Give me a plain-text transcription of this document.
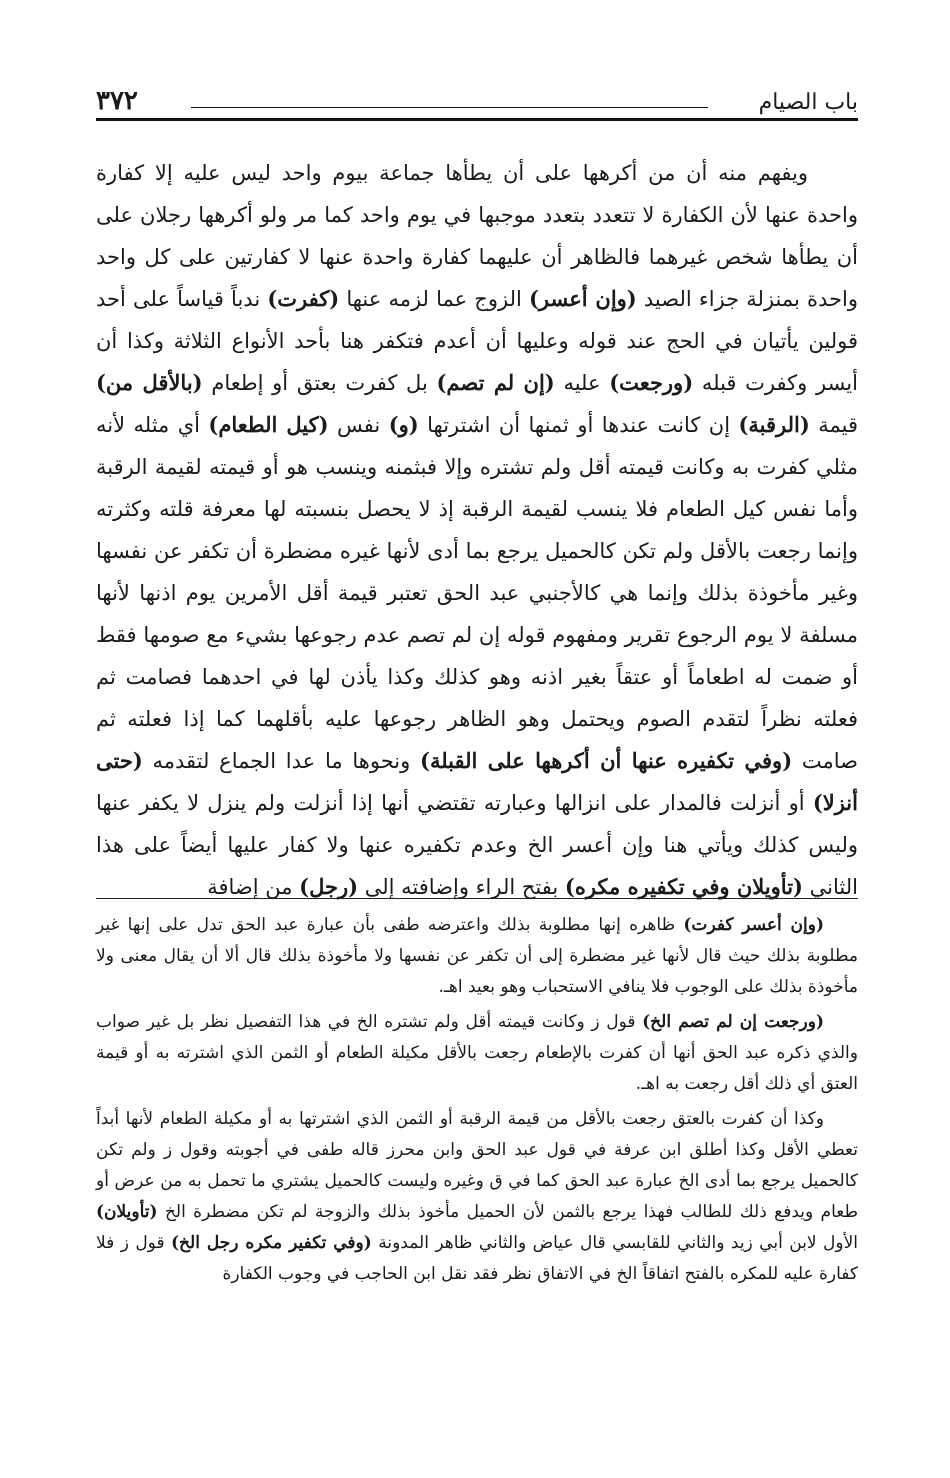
باب الصيام
٣٧٢

ويفهم منه أن من أكرهها على أن يطأها جماعة بيوم واحد ليس عليه إلا كفارة واحدة عنها لأن الكفارة لا تتعدد بتعدد موجبها في يوم واحد كما مر ولو أكرهها رجلان على أن يطأها شخص غيرهما فالظاهر أن عليهما كفارة واحدة عنها لا كفارتين على كل واحد واحدة بمنزلة جزاء الصيد (وإن أعسر) الزوج عما لزمه عنها (كفرت) ندباً قياساً على أحد قولين يأتيان في الحج عند قوله وعليها أن أعدم فتكفر هنا بأحد الأنواع الثلاثة وكذا أن أيسر وكفرت قبله (ورجعت) عليه (إن لم تصم) بل كفرت بعتق أو إطعام (بالأقل من) قيمة (الرقبة) إن كانت عندها أو ثمنها أن اشترتها (و) نفس (كيل الطعام) أي مثله لأنه مثلي كفرت به وكانت قيمته أقل ولم تشتره وإلا فبثمنه وينسب هو أو قيمته لقيمة الرقبة وأما نفس كيل الطعام فلا ينسب لقيمة الرقبة إذ لا يحصل بنسبته لها معرفة قلته وكثرته وإنما رجعت بالأقل ولم تكن كالحميل يرجع بما أدى لأنها غيره مضطرة أن تكفر عن نفسها وغير مأخوذة بذلك وإنما هي كالأجنبي عبد الحق تعتبر قيمة أقل الأمرين يوم اذنها لأنها مسلفة لا يوم الرجوع تقرير ومفهوم قوله إن لم تصم عدم رجوعها بشيء مع صومها فقط أو ضمت له اطعاماً أو عتقاً بغير اذنه وهو كذلك وكذا يأذن لها في احدهما فصامت ثم فعلته نظراً لتقدم الصوم ويحتمل وهو الظاهر رجوعها عليه بأقلهما كما إذا فعلته ثم صامت (وفي تكفيره عنها أن أكرهها على القبلة) ونحوها ما عدا الجماع لتقدمه (حتى أنزلا) أو أنزلت فالمدار على انزالها وعبارته تقتضي أنها إذا أنزلت ولم ينزل لا يكفر عنها وليس كذلك ويأتي هنا وإن أعسر الخ وعدم تكفيره عنها ولا كفار عليها أيضاً على هذا الثاني (تأويلان وفي تكفيره مكره) بفتح الراء وإضافته إلى (رجل) من إضافة

(وإن أعسر كفرت) ظاهره إنها مطلوبة بذلك واعترضه طفى بأن عبارة عبد الحق تدل على إنها غير مطلوبة بذلك حيث قال لأنها غير مضطرة إلى أن تكفر عن نفسها ولا مأخوذة بذلك قال ألا أن يقال معنى ولا مأخوذة بذلك على الوجوب فلا ينافي الاستحباب وهو بعيد اهـ.

(ورجعت إن لم تصم الخ) قول ز وكانت قيمته أقل ولم تشتره الخ في هذا التفصيل نظر بل غير صواب والذي ذكره عبد الحق أنها أن كفرت بالإطعام رجعت بالأقل مكيلة الطعام أو الثمن الذي اشترته به أو قيمة العتق أي ذلك أقل رجعت به اهـ.

وكذا أن كفرت بالعتق رجعت بالأقل من قيمة الرقبة أو الثمن الذي اشترتها به أو مكيلة الطعام لأنها أبداً تعطي الأقل وكذا أطلق ابن عرفة في قول عبد الحق وابن محرز قاله طفى في أجوبته وقول ز ولم تكن كالحميل يرجع بما أدى الخ عبارة عبد الحق كما في ق وغيره وليست كالحميل يشتري ما تحمل به من عرض أو طعام ويدفع ذلك للطالب فهذا يرجع بالثمن لأن الحميل مأخوذ بذلك والزوجة لم تكن مضطرة الخ (تأويلان) الأول لابن أبي زيد والثاني للقابسي قال عياض والثاني ظاهر المدونة (وفي تكفير مكره رجل الخ) قول ز فلا كفارة عليه للمكره بالفتح اتفاقاً الخ في الاتفاق نظر فقد نقل ابن الحاجب في وجوب الكفارة
